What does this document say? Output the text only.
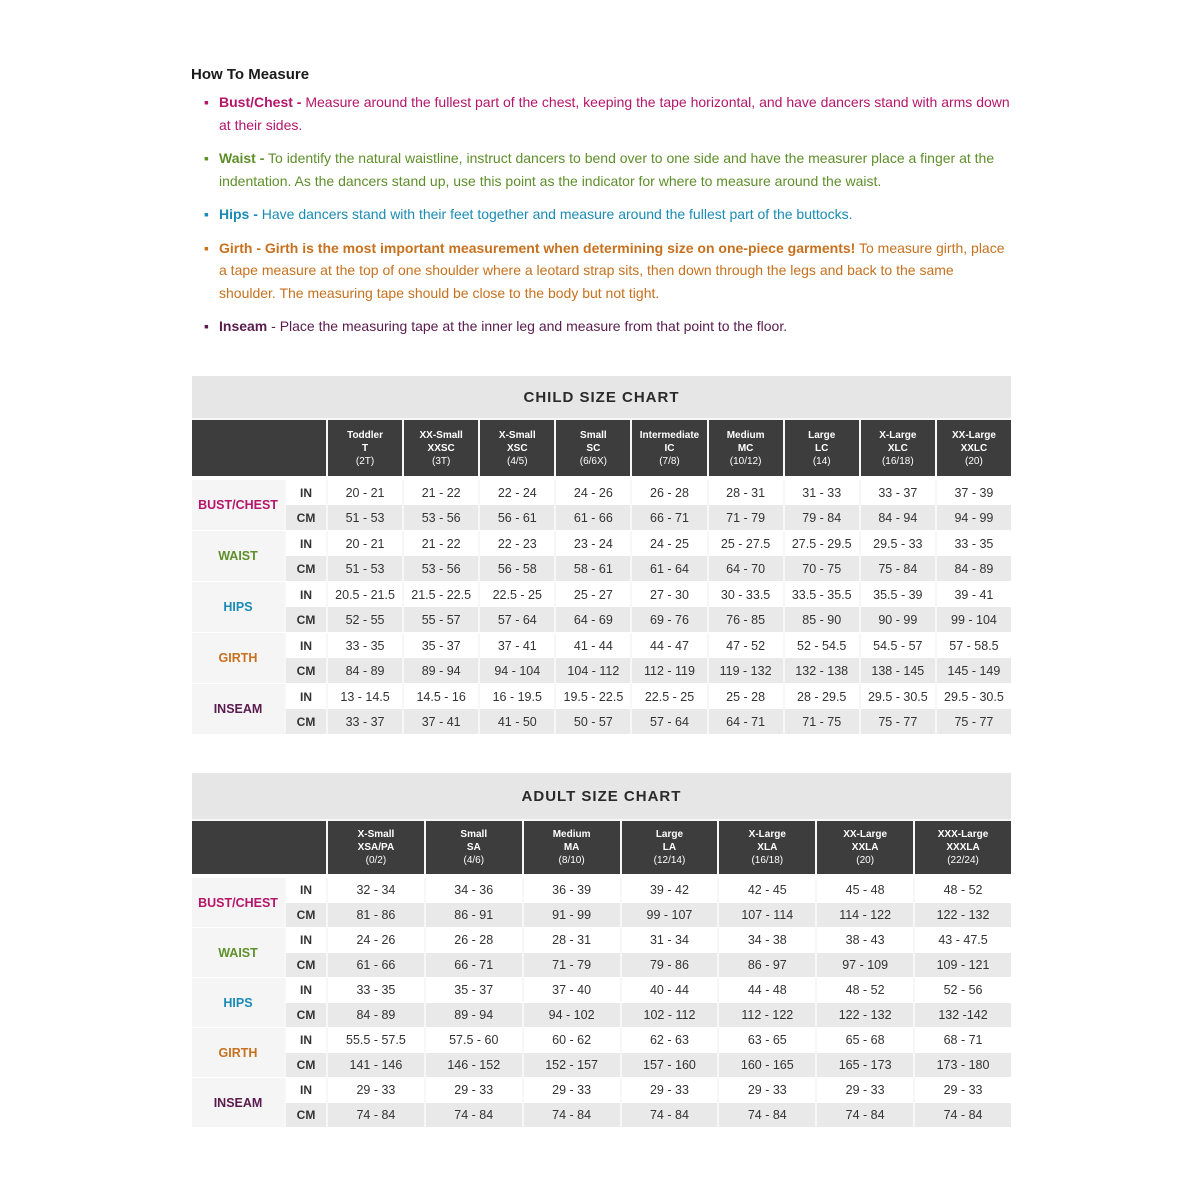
How To Measure
▪ Bust/Chest - Measure around the fullest part of the chest, keeping the tape horizontal, and have dancers stand with arms down at their sides.
▪ Waist - To identify the natural waistline, instruct dancers to bend over to one side and have the measurer place a finger at the indentation. As the dancers stand up, use this point as the indicator for where to measure around the waist.
▪ Hips - Have dancers stand with their feet together and measure around the fullest part of the buttocks.
▪ Girth - Girth is the most important measurement when determining size on one-piece garments! To measure girth, place a tape measure at the top of one shoulder where a leotard strap sits, then down through the legs and back to the same shoulder. The measuring tape should be close to the body but not tight.
▪ Inseam - Place the measuring tape at the inner leg and measure from that point to the floor.
CHILD SIZE CHART

		Toddler
T
(2T)	XX-Small
XXSC
(3T)	X-Small
XSC
(4/5)	Small
SC
(6/6X)	Intermediate
IC
(7/8)	Medium
MC
(10/12)	Large
LC
(14)	X-Large
XLC
(16/18)	XX-Large
XXLC
(20)

BUST/CHEST	IN	20 - 21	21 - 22	22 - 24	24 - 26	26 - 28	28 - 31	31 - 33	33 - 37	37 - 39
	CM	51 - 53	53 - 56	56 - 61	61 - 66	66 - 71	71 - 79	79 - 84	84 - 94	94 - 99

WAIST	IN	20 - 21	21 - 22	22 - 23	23 - 24	24 - 25	25 - 27.5	27.5 - 29.5	29.5 - 33	33 - 35
	CM	51 - 53	53 - 56	56 - 58	58 - 61	61 - 64	64 - 70	70 - 75	75 - 84	84 - 89

HIPS	IN	20.5 - 21.5	21.5 - 22.5	22.5 - 25	25 - 27	27 - 30	30 - 33.5	33.5 - 35.5	35.5 - 39	39 - 41
	CM	52 - 55	55 - 57	57 - 64	64 - 69	69 - 76	76 - 85	85 - 90	90 - 99	99 - 104

GIRTH	IN	33 - 35	35 - 37	37 - 41	41 - 44	44 - 47	47 - 52	52 - 54.5	54.5 - 57	57 - 58.5
	CM	84 - 89	89 - 94	94 - 104	104 - 112	112 - 119	119 - 132	132 - 138	138 - 145	145 - 149

INSEAM	IN	13 - 14.5	14.5 - 16	16 - 19.5	19.5 - 22.5	22.5 - 25	25 - 28	28 - 29.5	29.5 - 30.5	29.5 - 30.5
	CM	33 - 37	37 - 41	41 - 50	50 - 57	57 - 64	64 - 71	71 - 75	75 - 77	75 - 77
ADULT SIZE CHART

		X-Small
XSA/PA
(0/2)	Small
SA
(4/6)	Medium
MA
(8/10)	Large
LA
(12/14)	X-Large
XLA
(16/18)	XX-Large
XXLA
(20)	XXX-Large
XXXLA
(22/24)

BUST/CHEST	IN	32 - 34	34 - 36	36 - 39	39 - 42	42 - 45	45 - 48	48 - 52
	CM	81 - 86	86 - 91	91 - 99	99 - 107	107 - 114	114 - 122	122 - 132

WAIST	IN	24 - 26	26 - 28	28 - 31	31 - 34	34 - 38	38 - 43	43 - 47.5
	CM	61 - 66	66 - 71	71 - 79	79 - 86	86 - 97	97 - 109	109 - 121

HIPS	IN	33 - 35	35 - 37	37 - 40	40 - 44	44 - 48	48 - 52	52 - 56
	CM	84 - 89	89 - 94	94 - 102	102 - 112	112 - 122	122 - 132	132 -142

GIRTH	IN	55.5 - 57.5	57.5 - 60	60 - 62	62 - 63	63 - 65	65 - 68	68 - 71
	CM	141 - 146	146 - 152	152 - 157	157 - 160	160 - 165	165 - 173	173 - 180

INSEAM	IN	29 - 33	29 - 33	29 - 33	29 - 33	29 - 33	29 - 33	29 - 33
	CM	74 - 84	74 - 84	74 - 84	74 - 84	74 - 84	74 - 84	74 - 84
